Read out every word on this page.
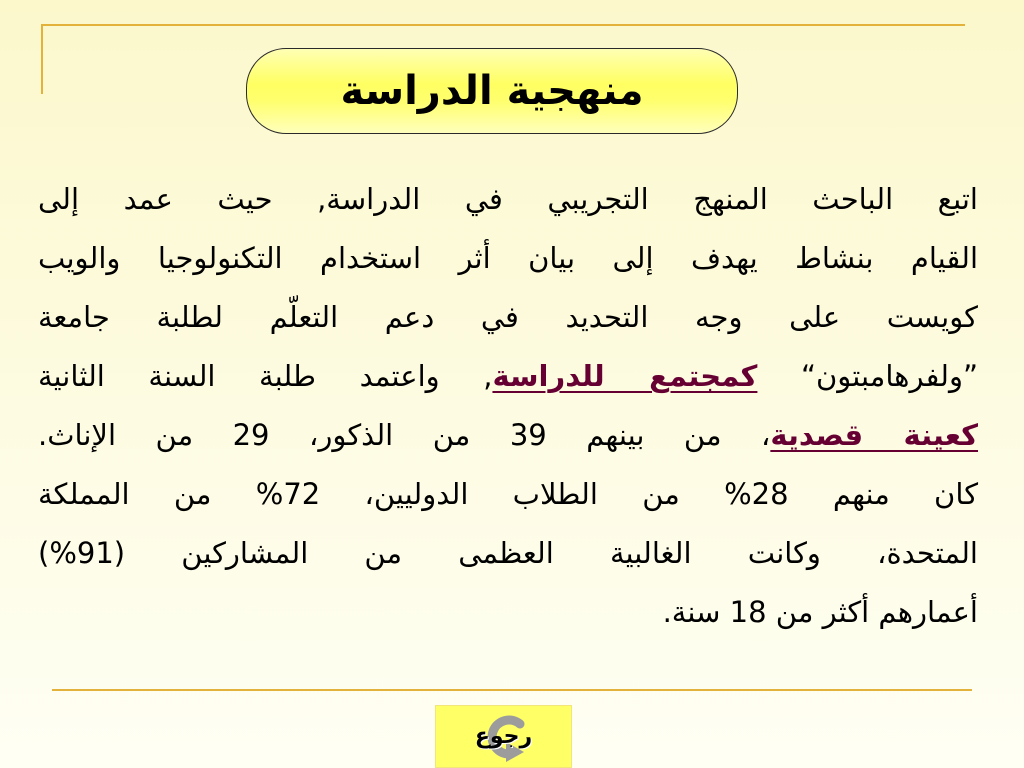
منهجية الدراسة
اتبع الباحث المنهج التجريبي في الدراسة, حيث عمد إلى
القيام بنشاط يهدف إلى بيان أثر استخدام التكنولوجيا والويب
كويست على وجه التحديد في دعم التعلّم لطلبة جامعة
”ولفرهامبتون“ كمجتمع للدراسة, واعتمد طلبة السنة الثانية
كعينة قصدية، من بينهم 39 من الذكور، 29 من الإناث.
كان منهم 28% من الطلاب الدوليين، 72% من المملكة
المتحدة، وكانت الغالبية العظمى من المشاركين (91%)
أعمارهم أكثر من 18 سنة.
رجوع
